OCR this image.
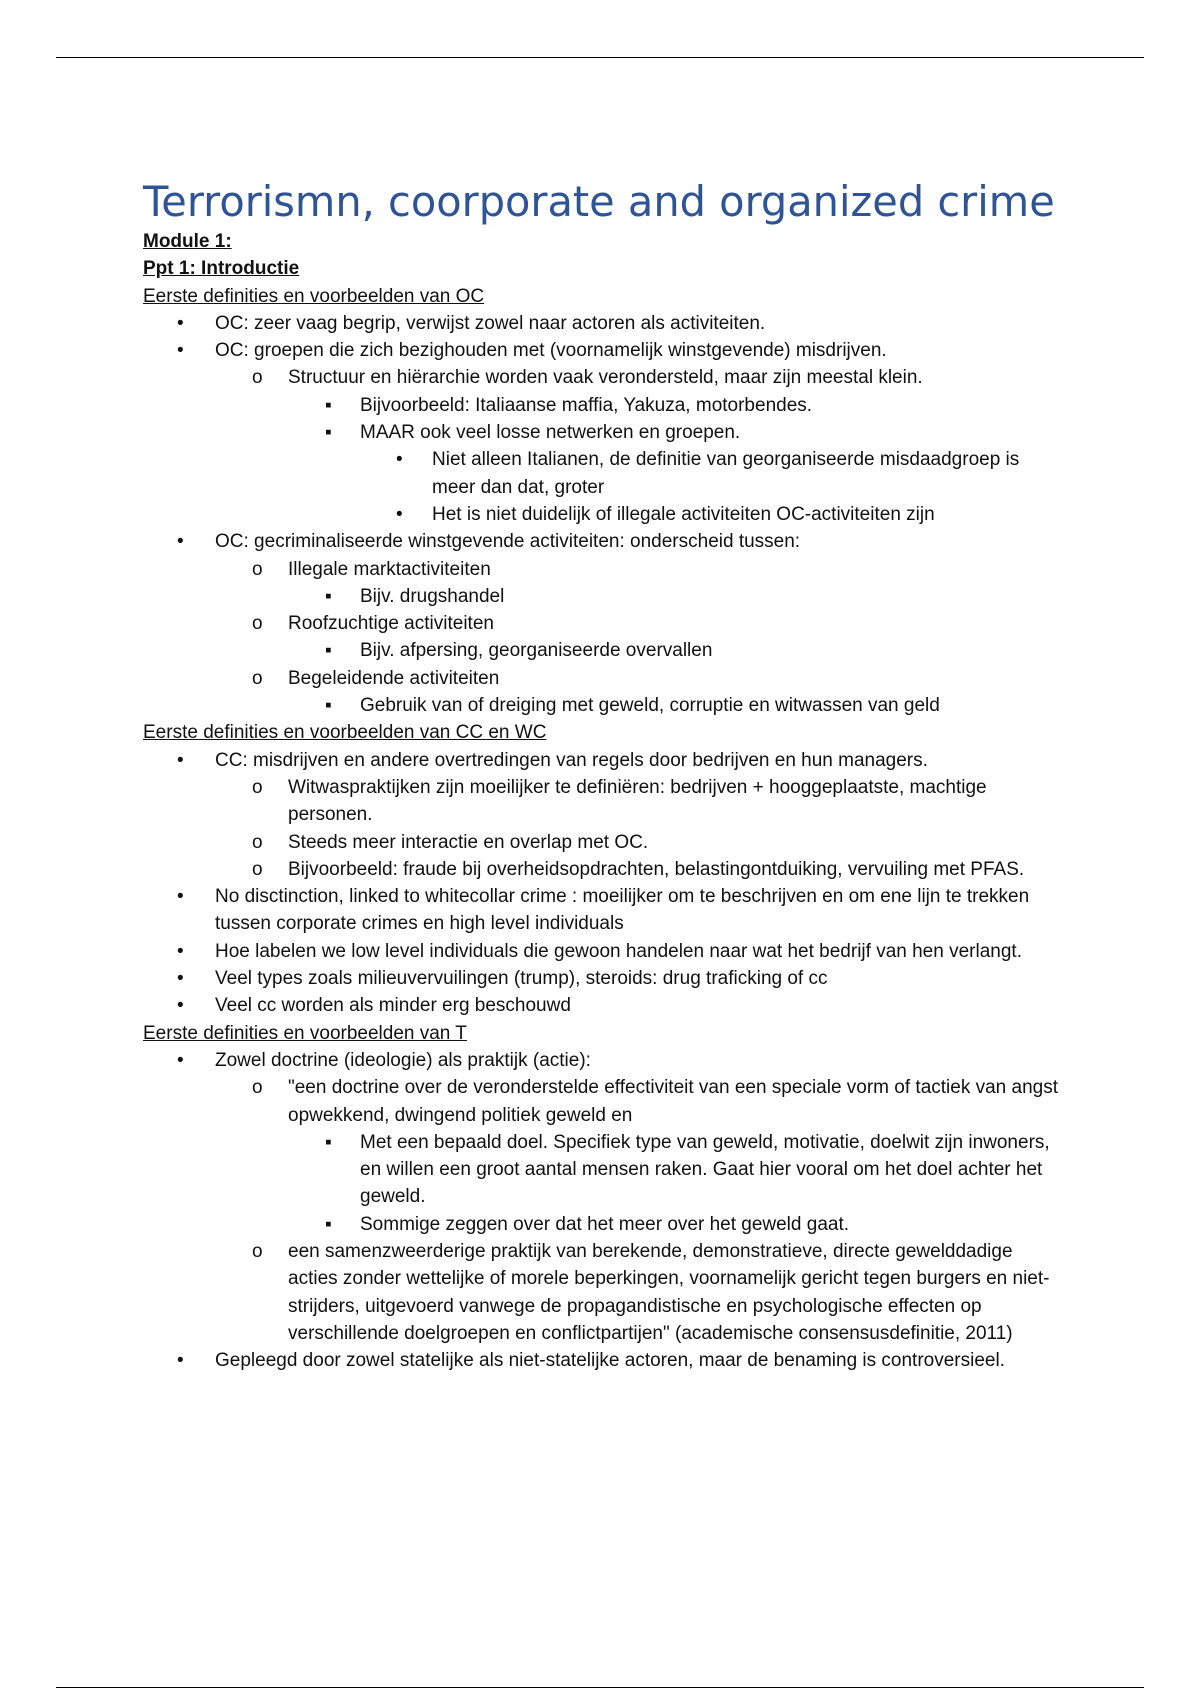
Terrorismn, coorporate and organized crime
Module 1:
Ppt 1: Introductie
Eerste definities en voorbeelden van OC
• OC: zeer vaag begrip, verwijst zowel naar actoren als activiteiten.
• OC: groepen die zich bezighouden met (voornamelijk winstgevende) misdrijven.
o Structuur en hiërarchie worden vaak verondersteld, maar zijn meestal klein.
▪ Bijvoorbeeld: Italiaanse maffia, Yakuza, motorbendes.
▪ MAAR ook veel losse netwerken en groepen.
• Niet alleen Italianen, de definitie van georganiseerde misdaadgroep is meer dan dat, groter
• Het is niet duidelijk of illegale activiteiten OC-activiteiten zijn
• OC: gecriminaliseerde winstgevende activiteiten: onderscheid tussen:
o Illegale marktactiviteiten
▪ Bijv. drugshandel
o Roofzuchtige activiteiten
▪ Bijv. afpersing, georganiseerde overvallen
o Begeleidende activiteiten
▪ Gebruik van of dreiging met geweld, corruptie en witwassen van geld
Eerste definities en voorbeelden van CC en WC
• CC: misdrijven en andere overtredingen van regels door bedrijven en hun managers.
o Witwaspraktijken zijn moeilijker te definiëren: bedrijven + hooggeplaatste, machtige personen.
o Steeds meer interactie en overlap met OC.
o Bijvoorbeeld: fraude bij overheidsopdrachten, belastingontduiking, vervuiling met PFAS.
• No disctinction, linked to whitecollar crime : moeilijker om te beschrijven en om ene lijn te trekken tussen corporate crimes en high level individuals
• Hoe labelen we low level individuals die gewoon handelen naar wat het bedrijf van hen verlangt.
• Veel types zoals milieuvervuilingen (trump), steroids: drug traficking of cc
• Veel cc worden als minder erg beschouwd
Eerste definities en voorbeelden van T
• Zowel doctrine (ideologie) als praktijk (actie):
o "een doctrine over de veronderstelde effectiviteit van een speciale vorm of tactiek van angst opwekkend, dwingend politiek geweld en
▪ Met een bepaald doel. Specifiek type van geweld, motivatie, doelwit zijn inwoners, en willen een groot aantal mensen raken. Gaat hier vooral om het doel achter het geweld.
▪ Sommige zeggen over dat het meer over het geweld gaat.
o een samenzweerderige praktijk van berekende, demonstratieve, directe gewelddadige acties zonder wettelijke of morele beperkingen, voornamelijk gericht tegen burgers en niet-strijders, uitgevoerd vanwege de propagandistische en psychologische effecten op verschillende doelgroepen en conflictpartijen" (academische consensusdefinitie, 2011)
• Gepleegd door zowel statelijke als niet-statelijke actoren, maar de benaming is controversieel.
